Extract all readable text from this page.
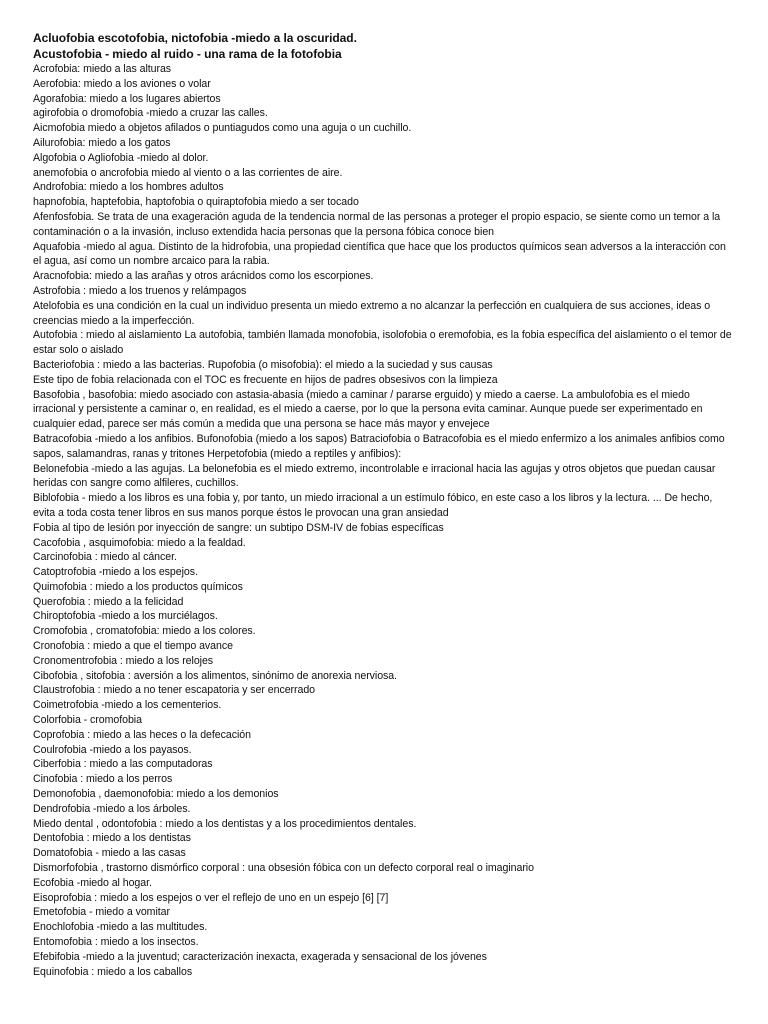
Acluofobia escotofobia, nictofobia -miedo a la oscuridad.
Acustofobia - miedo al ruido - una rama de la fotofobia
Acrofobia: miedo a las alturas
Aerofobia: miedo a los aviones o volar
Agorafobia: miedo a los lugares abiertos
agirofobia o dromofobia -miedo a cruzar las calles.
Aicmofobia miedo a objetos afilados o puntiagudos como una aguja o un cuchillo.
Ailurofobia: miedo a los gatos
Algofobia o Agliofobia -miedo al dolor.
anemofobia o ancrofobia miedo al viento o a las corrientes de aire.
Androfobia: miedo a los hombres adultos
hapnofobia, haptefobia, haptofobia o quiraptofobia miedo a ser tocado
Afenfosfobia. Se trata de una exageración aguda de la tendencia normal de las personas a proteger el propio espacio, se siente como un temor a la contaminación o a la invasión, incluso extendida hacia personas que la persona fóbica conoce bien
Aquafobia -miedo al agua. Distinto de la hidrofobia, una propiedad científica que hace que los productos químicos sean adversos a la interacción con el agua, así como un nombre arcaico para la rabia.
Aracnofobia: miedo a las arañas y otros arácnidos como los escorpiones.
Astrofobia : miedo a los truenos y relámpagos
Atelofobia es una condición en la cual un individuo presenta un miedo extremo a no alcanzar la perfección en cualquiera de sus acciones, ideas o creencias miedo a la imperfección.
Autofobia : miedo al aislamiento La autofobia, también llamada monofobia, isolofobia o eremofobia, es la fobia específica del aislamiento o el temor de estar solo o aislado
Bacteriofobia : miedo a las bacterias. Rupofobia (o misofobia): el miedo a la suciedad y sus causas
Este tipo de fobia relacionada con el TOC es frecuente en hijos de padres obsesivos con la limpieza
Basofobia , basofobia: miedo asociado con astasia-abasia (miedo a caminar / pararse erguido) y miedo a caerse. La ambulofobia es el miedo irracional y persistente a caminar o, en realidad, es el miedo a caerse, por lo que la persona evita caminar. Aunque puede ser experimentado en cualquier edad, parece ser más común a medida que una persona se hace más mayor y envejece
Batracofobia -miedo a los anfibios. Bufonofobia (miedo a los sapos) Batraciofobia o Batracofobia es el miedo enfermizo a los animales anfibios como sapos, salamandras, ranas y tritones Herpetofobia (miedo a reptiles y anfibios):
Belonefobia -miedo a las agujas. La belonefobia es el miedo extremo, incontrolable e irracional hacia las agujas y otros objetos que puedan causar heridas con sangre como alfileres, cuchillos.
Biblofobia - miedo a los libros es una fobia y, por tanto, un miedo irracional a un estímulo fóbico, en este caso a los libros y la lectura. ... De hecho, evita a toda costa tener libros en sus manos porque éstos le provocan una gran ansiedad
Fobia al tipo de lesión por inyección de sangre: un subtipo DSM-IV de fobias específicas
Cacofobia , asquimofobia: miedo a la fealdad.
Carcinofobia : miedo al cáncer.
Catoptrofobia -miedo a los espejos.
Quimofobia : miedo a los productos químicos
Querofobia : miedo a la felicidad
Chiroptofobia -miedo a los murciélagos.
Cromofobia , cromatofobia: miedo a los colores.
Cronofobia : miedo a que el tiempo avance
Cronomentrofobia : miedo a los relojes
Cibofobia , sitofobia : aversión a los alimentos, sinónimo de anorexia nerviosa.
Claustrofobia : miedo a no tener escapatoria y ser encerrado
Coimetrofobia -miedo a los cementerios.
Colorfobia - cromofobia
Coprofobia : miedo a las heces o la defecación
Coulrofobia -miedo a los payasos.
Ciberfobia : miedo a las computadoras
Cinofobia : miedo a los perros
Demonofobia , daemonofobia: miedo a los demonios
Dendrofobia -miedo a los árboles.
Miedo dental , odontofobia : miedo a los dentistas y a los procedimientos dentales.
Dentofobia : miedo a los dentistas
Domatofobia - miedo a las casas
Dismorfofobia , trastorno dismórfico corporal : una obsesión fóbica con un defecto corporal real o imaginario
Ecofobia -miedo al hogar.
Eisoprofobia : miedo a los espejos o ver el reflejo de uno en un espejo [6] [7]
Emetofobia - miedo a vomitar
Enochlofobia -miedo a las multitudes.
Entomofobia : miedo a los insectos.
Efebifobia -miedo a la juventud; caracterización inexacta, exagerada y sensacional de los jóvenes
Equinofobia : miedo a los caballos
